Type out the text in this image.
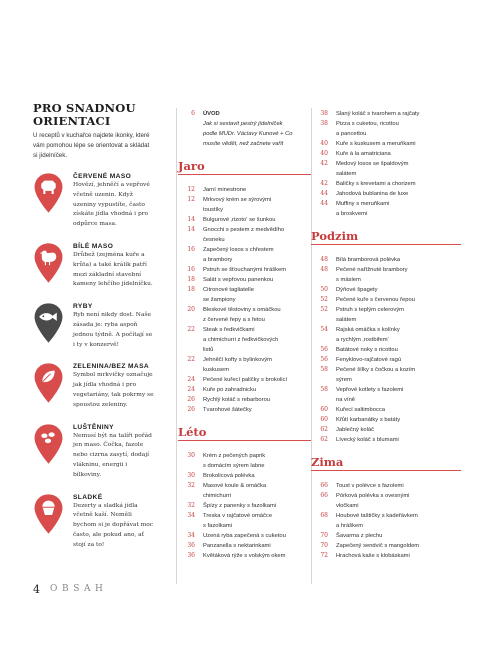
PRO SNADNOU
ORIENTACI
U receptů v kuchařce najdete ikonky, které vám pomohou lépe se orientovat a skládat si jídelníček.
ČERVENÉ MASO
Hovězí, jehněčí a vepřové včetně uzenin. Když uzeniny vypustíte, často získáte jídla vhodná i pro odpůrce masa.
BÍLÉ MASO
Drůbež (zejména kuře a krůta) a také králík patří mezi základní stavební kameny lehčího jídelníčku.
RYBY
Ryb není nikdy dost. Naše zásada je: ryba aspoň jednou týdně. A počítají se i ty v konzervě!
ZELENINA/BEZ MASA
Symbol mrkvičky označuje jak jídla vhodná i pro vegetariány, tak pokrmy se spoustou zeleniny.
LUŠTĚNINY
Nemusí být na talíři pořád jen maso. Čočka, fazole nebo cizrna zasytí, dodají vlákninu, energii i bílkoviny.
SLADKÉ
Dezerty a sladká jídla včetně kaší. Neměli bychom si je dopřávat moc často, ale pokud ano, ať stojí za to!
4 OBSAH
6	ÚVOD
Jak si sestavit pestrý jídelníček
podle MUDr. Václavy Kunové + Co
musíte vědět, než začnete vařit
Jaro
12	Jarní minestrone
12	Mrkvový krém se sýrovými
toustíky
14	Bulgurové ‚rizoto‘ se šunkou
14	Gnocchi s pestem z medvědího
česneku
16	Zapečený losos s chřestem
a brambory
16	Pstruh se šťouchanými hráškem
18	Salát s vepřovou panenkou
18	Citronové tagliatelle
se žampiony
20	Bleskové těstoviny s omáčkou
z červené řepy a s fetou
22	Steak s ředkvičkami
a chimichurri z ředkvičkových
listů
22	Jehněčí kofty s bylinkovým
kuskusem
24	Pečené kuřecí paličky s brokolicí
24	Kuře po zahradnicku
26	Rychlý koláč s rebarborou
26	Tvarohové šátečky
Léto
30	Krém z pečených paprik
s domácím sýrem labne
30	Brokolicová polévka
32	Masové koule & omáčka
chimichurri
32	Špízy z panenky s fazolkami
34	Treska v rajčatové omáčce
s fazolkami
34	Uzená ryba zapečená s cuketou
36	Panzanella s nektarinkami
36	Květáková rýže s volským okem
38	Slaný koláč s tvarohem a rajčaty
38	Pizza s cuketou, ricottou
a pancettou
40	Kuře s kuskusem a meruňkami
40	Kuře à la amatriciana
42	Medový losos se špaldovým
salátem
42	Baličky s krevetami a chorizem
44	Jahodová bublanina de luxe
44	Muffiny s meruňkami
a broskvemi
Podzim
48	Bílá bramborová polévka
48	Pečené nařížnuté brambory
s máslem
50	Dýňové špagety
52	Pečené kuře s červenou řepou
52	Pstruh s teplým celerovým
salátem
54	Rajská omáčka s kolínky
a rychlým ‚rostbifem‘
56	Batátové noky s ricottou
56	Fenyklovo-rajčatové ragú
58	Pečené šílky s čočkou a kozím
sýrem
58	Vepřové kotlety s fazolemi
na víně
60	Kuřecí saltimbocca
60	Křůtí karbanátky s batáty
62	Jablečný koláč
62	Lívecký koláč s blumami
Zima
66	Toust v polévce s fazolemi
66	Pórková polévka s ovesnými
vločkami
68	Houbové taštičky s kadeřávkem
a hráškem
70	Šavarma z plechu
70	Zapečený sendvič s mangoldem
72	Hrachová kaše s klobáskami
